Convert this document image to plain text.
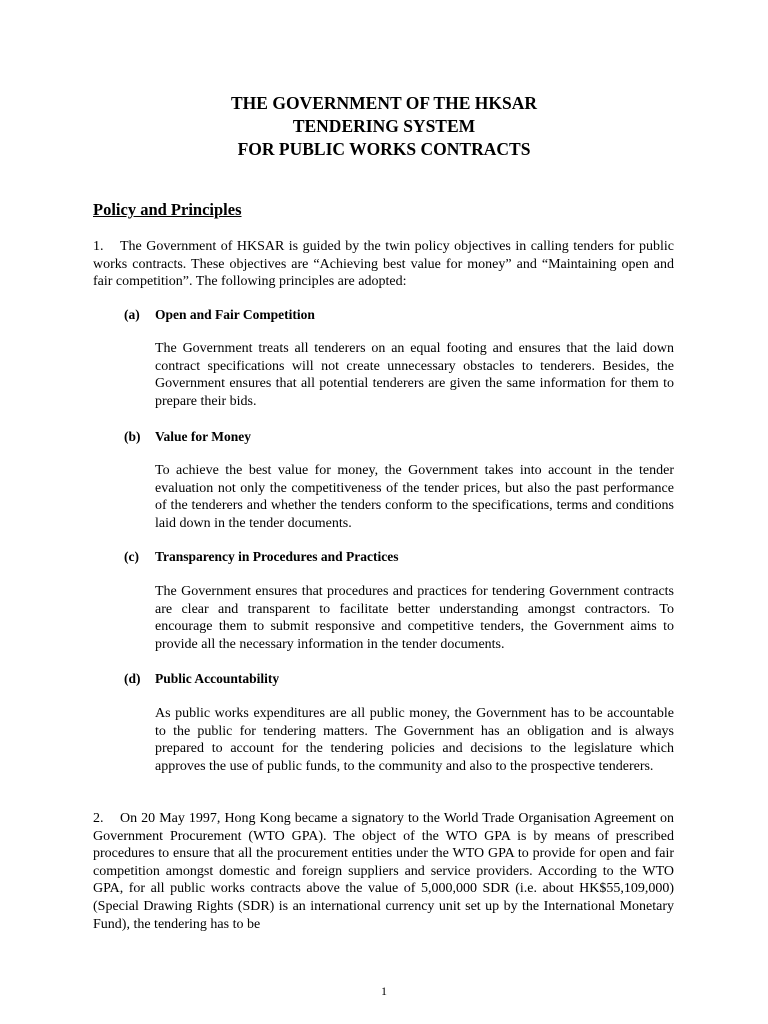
THE GOVERNMENT OF THE HKSAR
TENDERING SYSTEM
FOR PUBLIC WORKS CONTRACTS
Policy and Principles
1. The Government of HKSAR is guided by the twin policy objectives in calling tenders for public works contracts. These objectives are “Achieving best value for money” and “Maintaining open and fair competition”. The following principles are adopted:
(a) Open and Fair Competition
The Government treats all tenderers on an equal footing and ensures that the laid down contract specifications will not create unnecessary obstacles to tenderers. Besides, the Government ensures that all potential tenderers are given the same information for them to prepare their bids.
(b) Value for Money
To achieve the best value for money, the Government takes into account in the tender evaluation not only the competitiveness of the tender prices, but also the past performance of the tenderers and whether the tenders conform to the specifications, terms and conditions laid down in the tender documents.
(c) Transparency in Procedures and Practices
The Government ensures that procedures and practices for tendering Government contracts are clear and transparent to facilitate better understanding amongst contractors. To encourage them to submit responsive and competitive tenders, the Government aims to provide all the necessary information in the tender documents.
(d) Public Accountability
As public works expenditures are all public money, the Government has to be accountable to the public for tendering matters. The Government has an obligation and is always prepared to account for the tendering policies and decisions to the legislature which approves the use of public funds, to the community and also to the prospective tenderers.
2. On 20 May 1997, Hong Kong became a signatory to the World Trade Organisation Agreement on Government Procurement (WTO GPA). The object of the WTO GPA is by means of prescribed procedures to ensure that all the procurement entities under the WTO GPA to provide for open and fair competition amongst domestic and foreign suppliers and service providers. According to the WTO GPA, for all public works contracts above the value of 5,000,000 SDR (i.e. about HK$55,109,000) (Special Drawing Rights (SDR) is an international currency unit set up by the International Monetary Fund), the tendering has to be
1
